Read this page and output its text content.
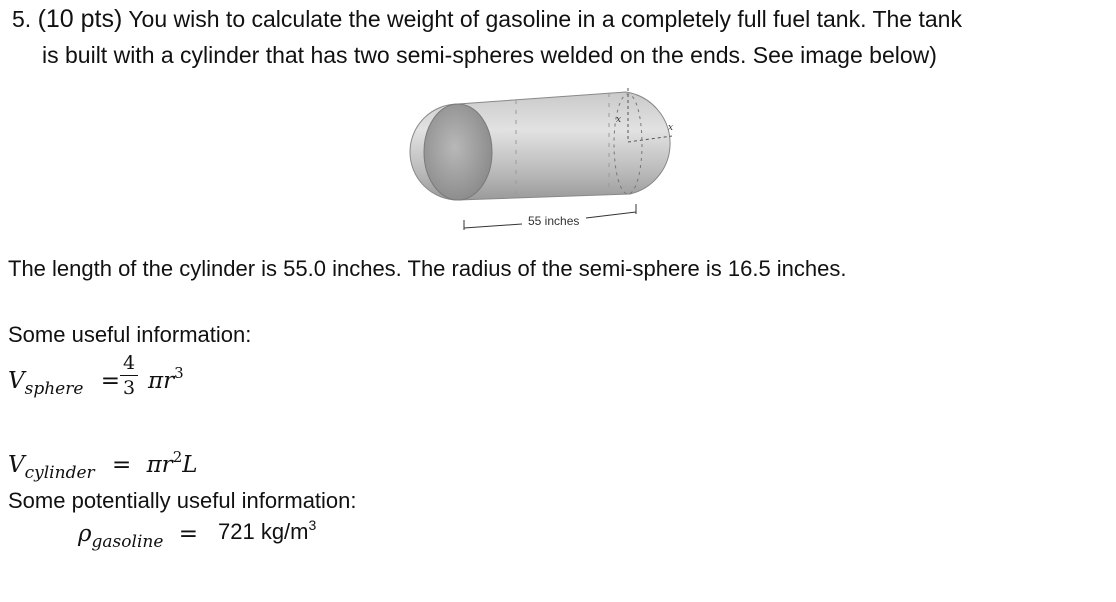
5. (10 pts) You wish to calculate the weight of gasoline in a completely full fuel tank. The tank
is built with a cylinder that has two semi-spheres welded on the ends. See image below)
x
x
55 inches
The length of the cylinder is 55.0 inches. The radius of the semi-sphere is 16.5 inches.
Some useful information:
$V_{sphere}$ =
4
3 $\pi r^3$
$V_{cylinder} = \pi r^2L$
Some potentially useful information:
$\rho_{gasoline} = 721$ $kg/m^3$
